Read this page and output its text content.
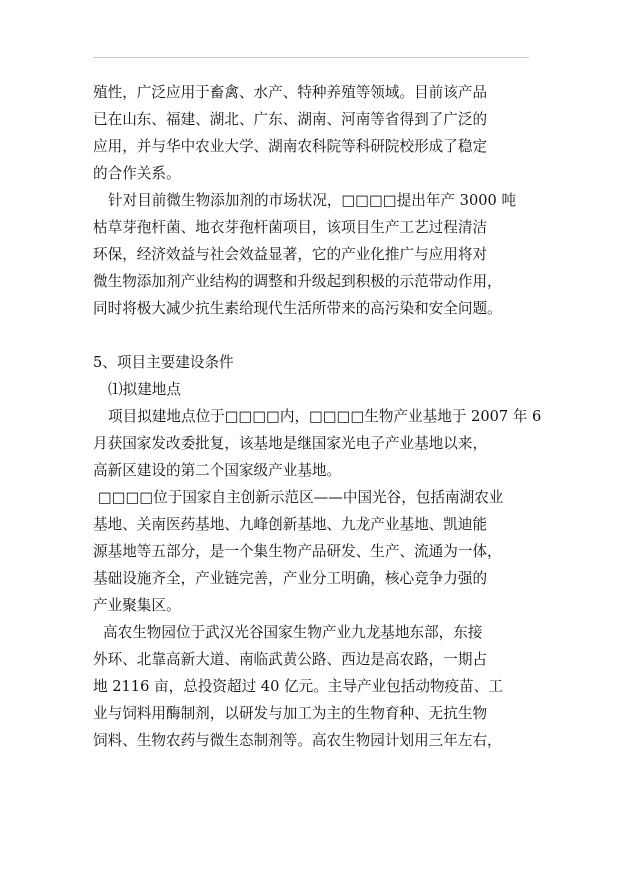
殖性，广泛应用于畜禽、水产、特种养殖等领域。目前该产品
已在山东、福建、湖北、广东、湖南、河南等省得到了广泛的
应用，并与华中农业大学、湖南农科院等科研院校形成了稳定
的合作关系。
针对目前微生物添加剂的市场状况，□□□□提出年产 3000 吨
枯草芽孢杆菌、地衣芽孢杆菌项目，该项目生产工艺过程清洁
环保，经济效益与社会效益显著，它的产业化推广与应用将对
微生物添加剂产业结构的调整和升级起到积极的示范带动作用，
同时将极大减少抗生素给现代生活所带来的高污染和安全问题。
5、项目主要建设条件
⑴拟建地点
项目拟建地点位于□□□□内，□□□□生物产业基地于 2007 年 6
月获国家发改委批复，该基地是继国家光电子产业基地以来，
高新区建设的第二个国家级产业基地。
□□□□位于国家自主创新示范区——中国光谷，包括南湖农业
基地、关南医药基地、九峰创新基地、九龙产业基地、凯迪能
源基地等五部分，是一个集生物产品研发、生产、流通为一体，
基础设施齐全，产业链完善，产业分工明确，核心竞争力强的
产业聚集区。
高农生物园位于武汉光谷国家生物产业九龙基地东部，东接
外环、北靠高新大道、南临武黄公路、西边是高农路，一期占
地 2116 亩，总投资超过 40 亿元。主导产业包括动物疫苗、工
业与饲料用酶制剂，以研发与加工为主的生物育种、无抗生物
饲料、生物农药与微生态制剂等。高农生物园计划用三年左右，
